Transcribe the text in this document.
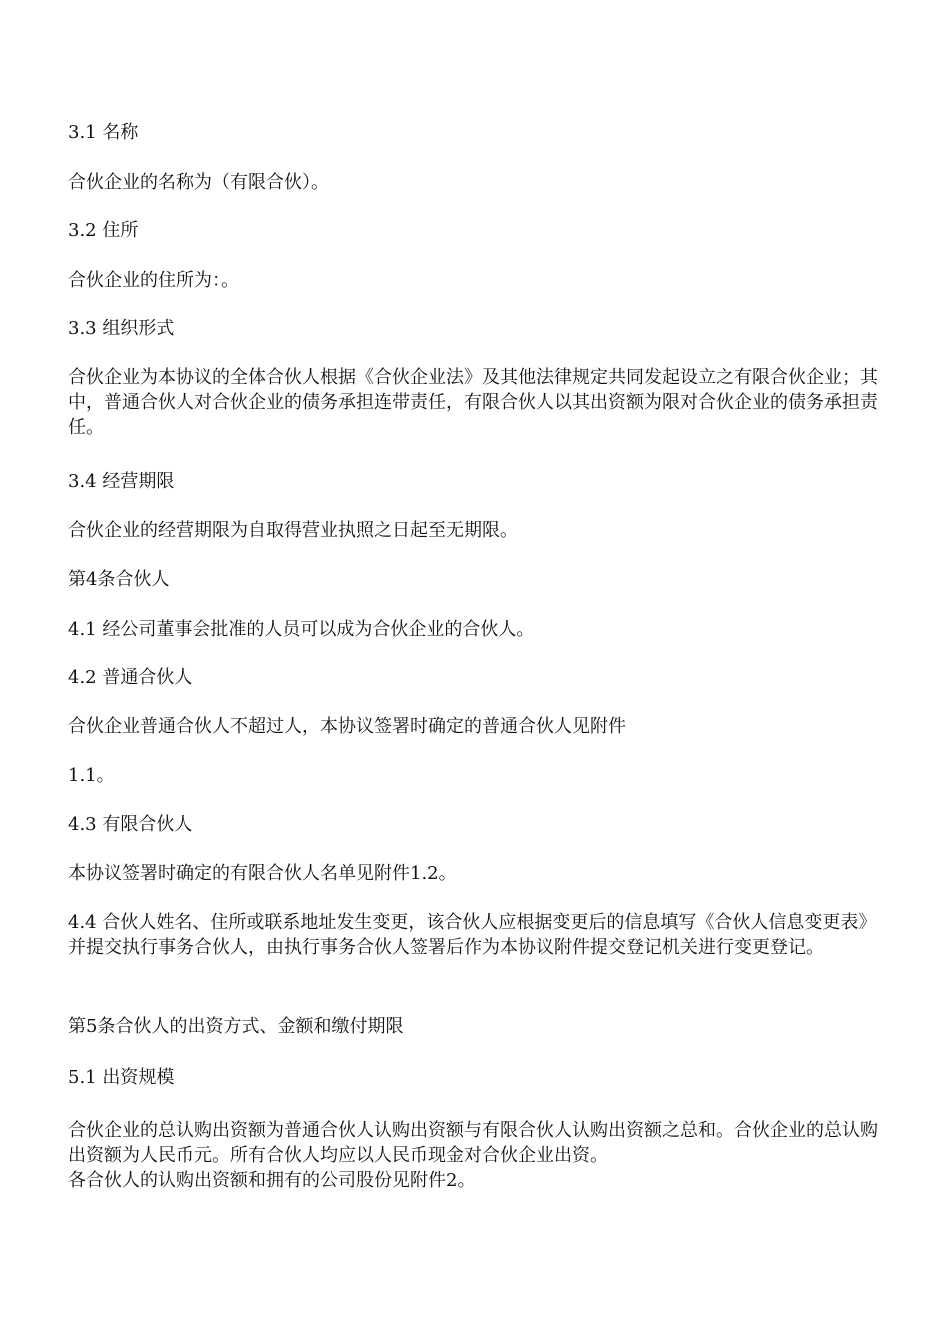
3.1 名称

合伙企业的名称为（有限合伙）。

3.2 住所

合伙企业的住所为：。

3.3 组织形式

合伙企业为本协议的全体合伙人根据《合伙企业法》及其他法律规定共同发起设立之有限合伙企业；其中，普通合伙人对合伙企业的债务承担连带责任，有限合伙人以其出资额为限对合伙企业的债务承担责任。

3.4 经营期限

合伙企业的经营期限为自取得营业执照之日起至无期限。

第4条合伙人

4.1 经公司董事会批准的人员可以成为合伙企业的合伙人。

4.2 普通合伙人

合伙企业普通合伙人不超过人，本协议签署时确定的普通合伙人见附件

1.1。

4.3 有限合伙人

本协议签署时确定的有限合伙人名单见附件1.2。

4.4 合伙人姓名、住所或联系地址发生变更，该合伙人应根据变更后的信息填写《合伙人信息变更表》并提交执行事务合伙人，由执行事务合伙人签署后作为本协议附件提交登记机关进行变更登记。

第5条合伙人的出资方式、金额和缴付期限

5.1 出资规模

合伙企业的总认购出资额为普通合伙人认购出资额与有限合伙人认购出资额之总和。合伙企业的总认购出资额为人民币元。所有合伙人均应以人民币现金对合伙企业出资。

各合伙人的认购出资额和拥有的公司股份见附件2。
